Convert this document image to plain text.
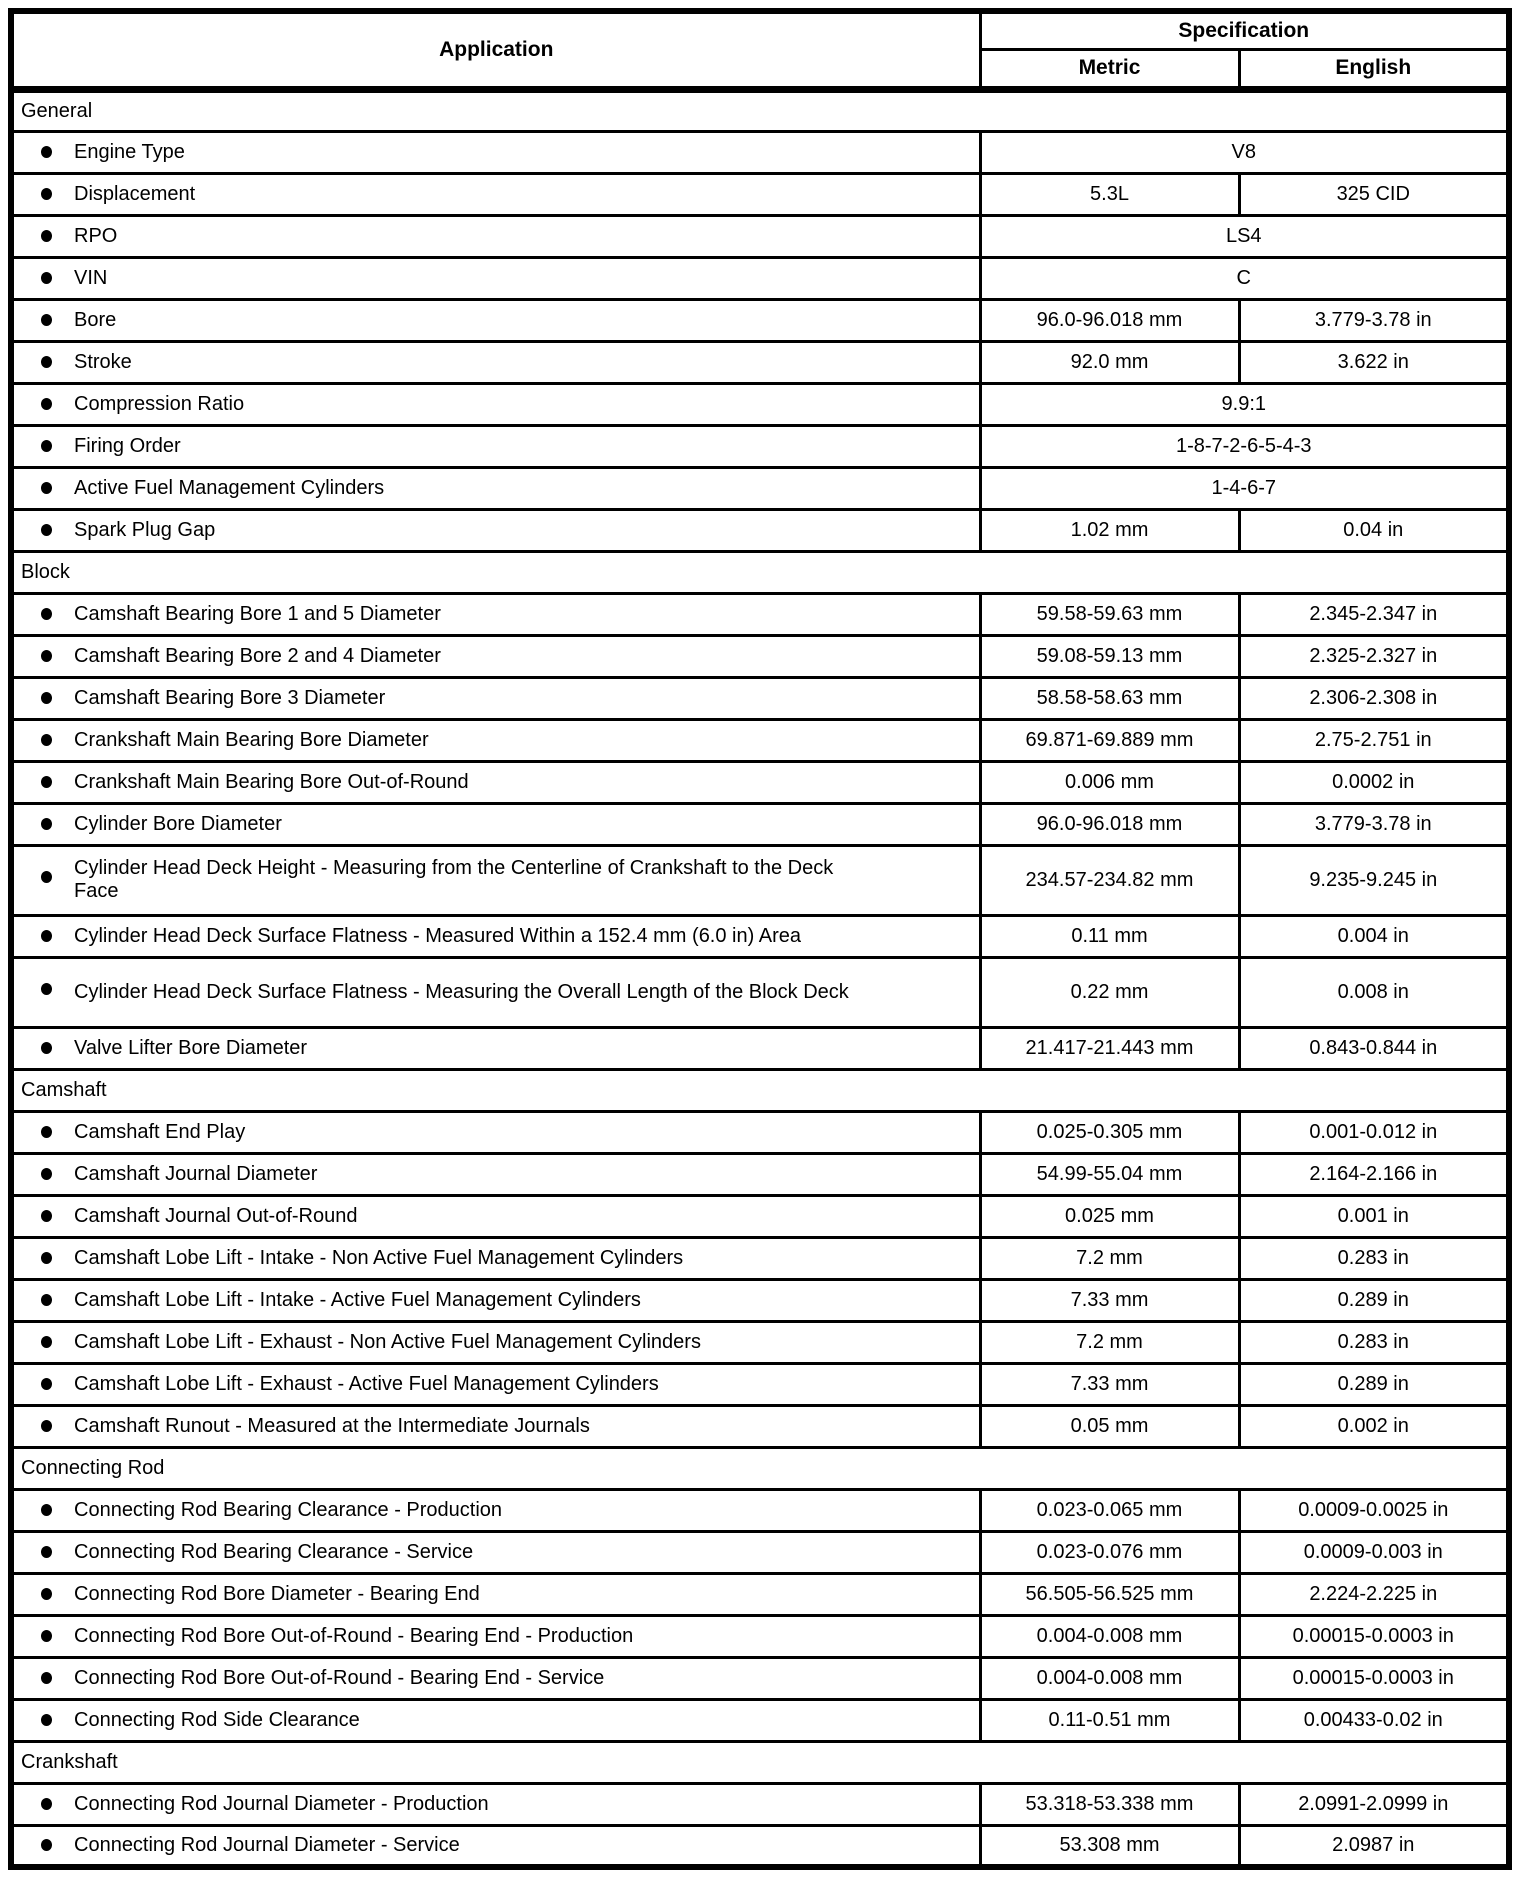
Application	Specification	
	Metric	English
General		

Engine Type	V8	

Displacement	5.3L	325 CID

RPO	LS4	

VIN	C	

Bore	96.0-96.018 mm	3.779-3.78 in

Stroke	92.0 mm	3.622 in

Compression Ratio	9.9:1	

Firing Order	1-8-7-2-6-5-4-3	

Active Fuel Management Cylinders	1-4-6-7	

Spark Plug Gap	1.02 mm	0.04 in
Block		

Camshaft Bearing Bore 1 and 5 Diameter	59.58-59.63 mm	2.345-2.347 in

Camshaft Bearing Bore 2 and 4 Diameter	59.08-59.13 mm	2.325-2.327 in

Camshaft Bearing Bore 3 Diameter	58.58-58.63 mm	2.306-2.308 in

Crankshaft Main Bearing Bore Diameter	69.871-69.889 mm	2.75-2.751 in

Crankshaft Main Bearing Bore Out-of-Round	0.006 mm	0.0002 in

Cylinder Bore Diameter	96.0-96.018 mm	3.779-3.78 in

Cylinder Head Deck Height - Measuring from the Centerline of Crankshaft to the Deck Face	234.57-234.82 mm	9.235-9.245 in

Cylinder Head Deck Surface Flatness - Measured Within a 152.4 mm (6.0 in) Area	0.11 mm	0.004 in

Cylinder Head Deck Surface Flatness - Measuring the Overall Length of the Block Deck	0.22 mm	0.008 in

Valve Lifter Bore Diameter	21.417-21.443 mm	0.843-0.844 in
Camshaft		

Camshaft End Play	0.025-0.305 mm	0.001-0.012 in

Camshaft Journal Diameter	54.99-55.04 mm	2.164-2.166 in

Camshaft Journal Out-of-Round	0.025 mm	0.001 in

Camshaft Lobe Lift - Intake - Non Active Fuel Management Cylinders	7.2 mm	0.283 in

Camshaft Lobe Lift - Intake - Active Fuel Management Cylinders	7.33 mm	0.289 in

Camshaft Lobe Lift - Exhaust - Non Active Fuel Management Cylinders	7.2 mm	0.283 in

Camshaft Lobe Lift - Exhaust - Active Fuel Management Cylinders	7.33 mm	0.289 in

Camshaft Runout - Measured at the Intermediate Journals	0.05 mm	0.002 in
Connecting Rod		

Connecting Rod Bearing Clearance - Production	0.023-0.065 mm	0.0009-0.0025 in

Connecting Rod Bearing Clearance - Service	0.023-0.076 mm	0.0009-0.003 in

Connecting Rod Bore Diameter - Bearing End	56.505-56.525 mm	2.224-2.225 in

Connecting Rod Bore Out-of-Round - Bearing End - Production	0.004-0.008 mm	0.00015-0.0003 in

Connecting Rod Bore Out-of-Round - Bearing End - Service	0.004-0.008 mm	0.00015-0.0003 in

Connecting Rod Side Clearance	0.11-0.51 mm	0.00433-0.02 in
Crankshaft		

Connecting Rod Journal Diameter - Production	53.318-53.338 mm	2.0991-2.0999 in

Connecting Rod Journal Diameter - Service	53.308 mm	2.0987 in
